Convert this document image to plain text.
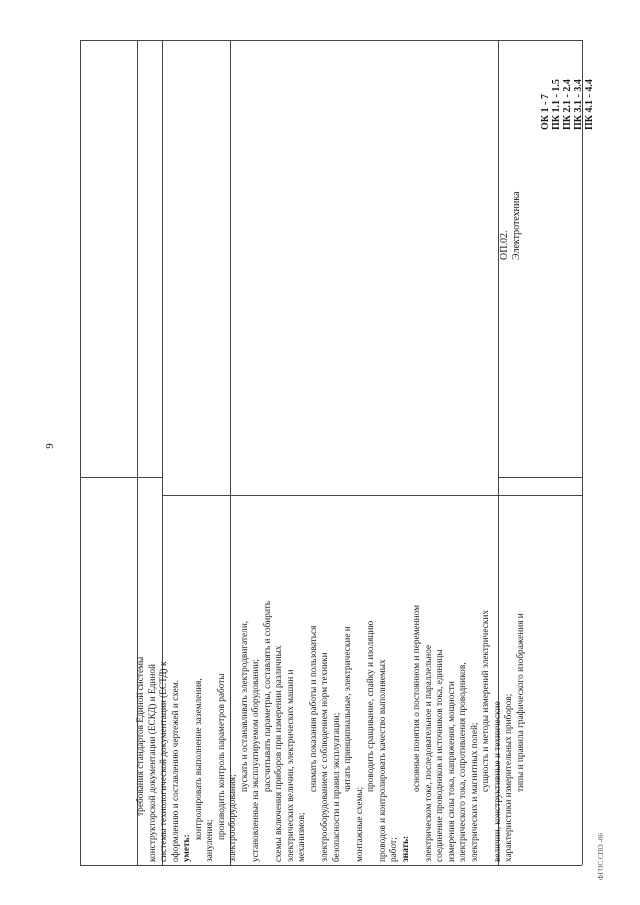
требования стандартов Единой системы конструкторской документации (ЕСКД) и Единой системы технологической документации (ЕСТД) к оформлению и составлению чертежей и схем. уметь:
контролировать выполнение заземления,
зануления;
производить контроль параметров работы электрооборудования;
пускать и останавливать электродвигатели, установленные на эксплуатируемом оборудовании; рассчитывать параметры, составлять и собирать схемы включения приборов при измерении различных электрических величин, электрических машин и механизмов;
снимать показания работы и пользоваться электрооборудованием с соблюдением норм техники безопасности и правил эксплуатации; читать принципиальные, электрические и
монтажные схемы;
проводить сращивание, спайку и изоляцию проводов и контролировать качество выполняемых работ; знать:
основные понятия о постоянном и переменном электрическом токе, последовательное и параллельное соединение проводников и источников тока, единицы измерения силы тока, напряжения, мощности электрического тока, сопротивления проводников, электрических и магнитных полей;
сущность и методы измерений электрических величин, конструктивные и технические характеристики измерительных приборов; типы и правила графического изображения и
ОП.02. Электротехника
ОК 1 - 7 ПК 1.1 - 1.5 ПК 2.1 - 2.4 ПК 3.1 - 3.4 ПК 4.1 - 4.4
9
ФГОС СПО -06
